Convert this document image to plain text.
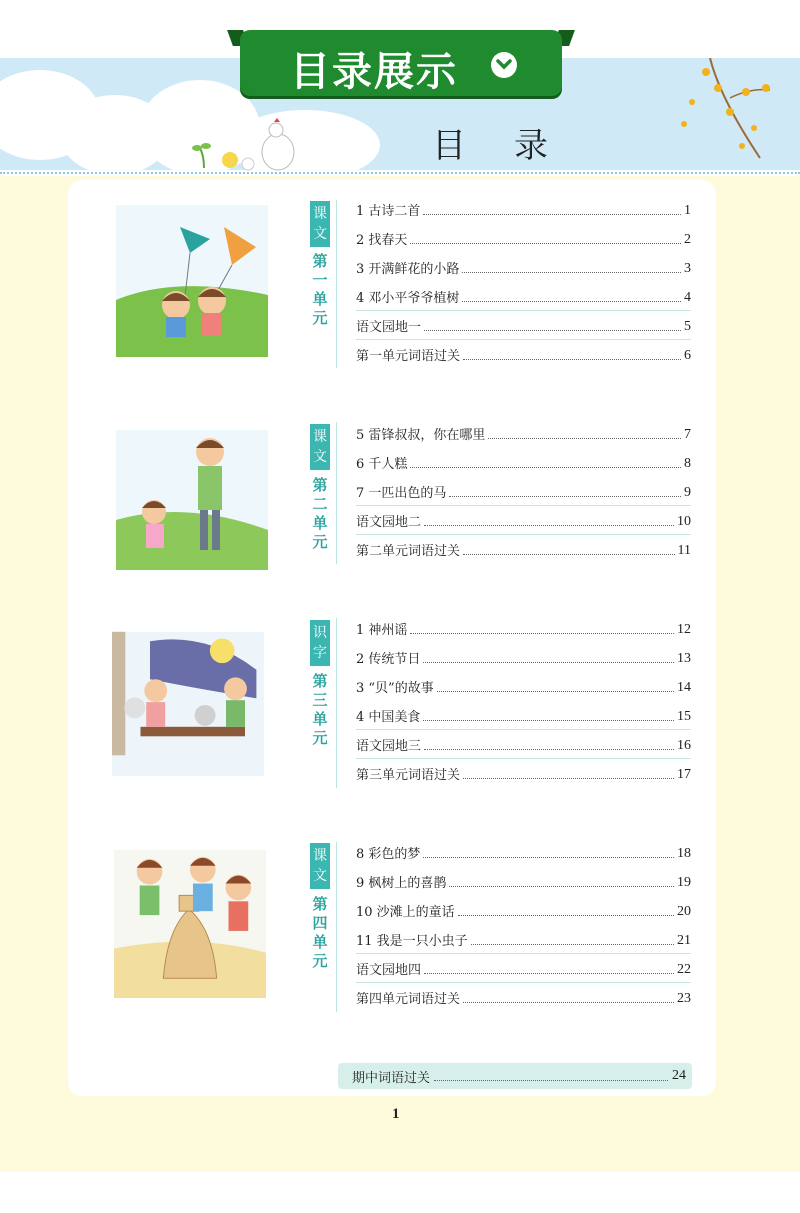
目录展示
目录
课文
第一单元
1 古诗二首	1
2 找春天	2
3 开满鲜花的小路	3
4 邓小平爷爷植树	4
语文园地一	5
第一单元词语过关	6
课文
第二单元
5 雷锋叔叔，你在哪里	7
6 千人糕	8
7 一匹出色的马	9
语文园地二	10
第二单元词语过关	11
识字
第三单元
1 神州谣	12
2 传统节日	13
3 “贝”的故事	14
4 中国美食	15
语文园地三	16
第三单元词语过关	17
课文
第四单元
8 彩色的梦	18
9 枫树上的喜鹊	19
10 沙滩上的童话	20
11 我是一只小虫子	21
语文园地四	22
第四单元词语过关	23
期中词语过关	24
1
